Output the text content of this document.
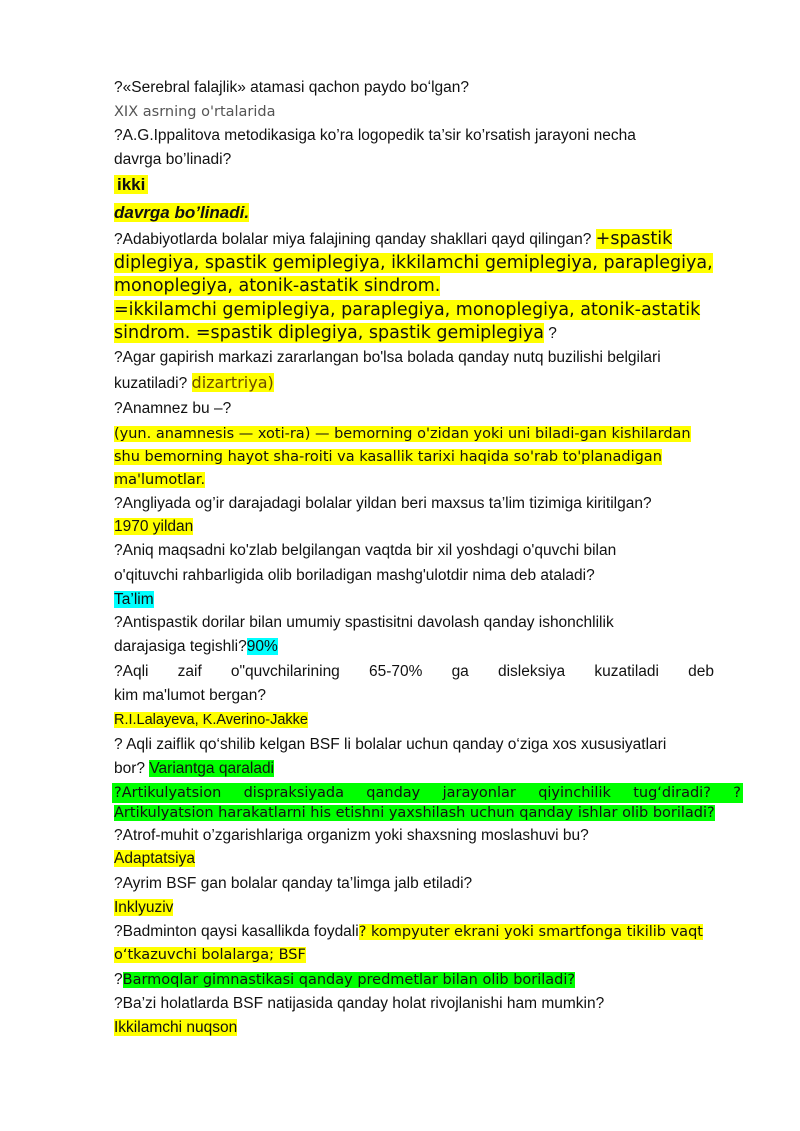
?«Serebral falajlik» atamasi qachon paydo boʻlgan?
XIX asrning o'rtalarida
?A.G.Ippalitova metodikasiga ko’ra logopedik ta’sir ko’rsatish jarayoni necha
davrga bo’linadi?
ikki
davrga bo’linadi.
?Adabiyotlarda bolalar miya falajining qanday shakllari qayd qilingan? +spastik
diplegiya, spastik gemiplegiya, ikkilamchi gemiplegiya, paraplegiya,
monoplegiya, atonik-astatik sindrom.
=ikkilamchi gemiplegiya, paraplegiya, monoplegiya, atonik-astatik
sindrom. =spastik diplegiya, spastik gemiplegiya ?
?Agar gapirish markazi zararlangan bo'lsa bolada qanday nutq buzilishi belgilari
kuzatiladi? dizartriya)
?Anamnez bu –?
(yun. anamnesis — xoti-ra) — bemorning o'zidan yoki uni biladi-gan kishilardan
shu bemorning hayot sha-roiti va kasallik tarixi haqida so'rab to'planadigan
ma'lumotlar.
?Angliyada og’ir darajadagi bolalar yildan beri maxsus ta’lim tizimiga kiritilgan?
1970 yildan
?Aniq maqsadni ko'zlab belgilangan vaqtda bir xil yoshdagi o'quvchi bilan
o'qituvchi rahbarligida olib boriladigan mashg'ulotdir nima deb ataladi?
Ta’lim
?Antispastik dorilar bilan umumiy spastisitni davolash qanday ishonchlilik
darajasiga tegishli?90%
?Aqli zaif o"quvchilarining 65-70% ga disleksiya kuzatiladi deb
kim ma'lumot bergan?
R.I.Lalayeva, K.Averino-Jakke
? Aqli zaiflik qo‘shilib kelgan BSF li bolalar uchun qanday o‘ziga xos xususiyatlari
bor? Variantga qaraladi
?Artikulyatsion dispraksiyada qanday jarayonlar qiyinchilik tug‘diradi? ?
Artikulyatsion harakatlarni his etishni yaxshilash uchun qanday ishlar olib boriladi?
?Atrof-muhit o’zgarishlariga organizm yoki shaxsning moslashuvi bu?
Adaptatsiya
?Ayrim BSF gan bolalar qanday ta’limga jalb etiladi?
Inklyuziv
?Badminton qaysi kasallikda foydali? kompyuter ekrani yoki smartfonga tikilib vaqt
o‘tkazuvchi bolalarga; BSF
?Barmoqlar gimnastikasi qanday predmetlar bilan olib boriladi?
?Ba’zi holatlarda BSF natijasida qanday holat rivojlanishi ham mumkin?
Ikkilamchi nuqson
